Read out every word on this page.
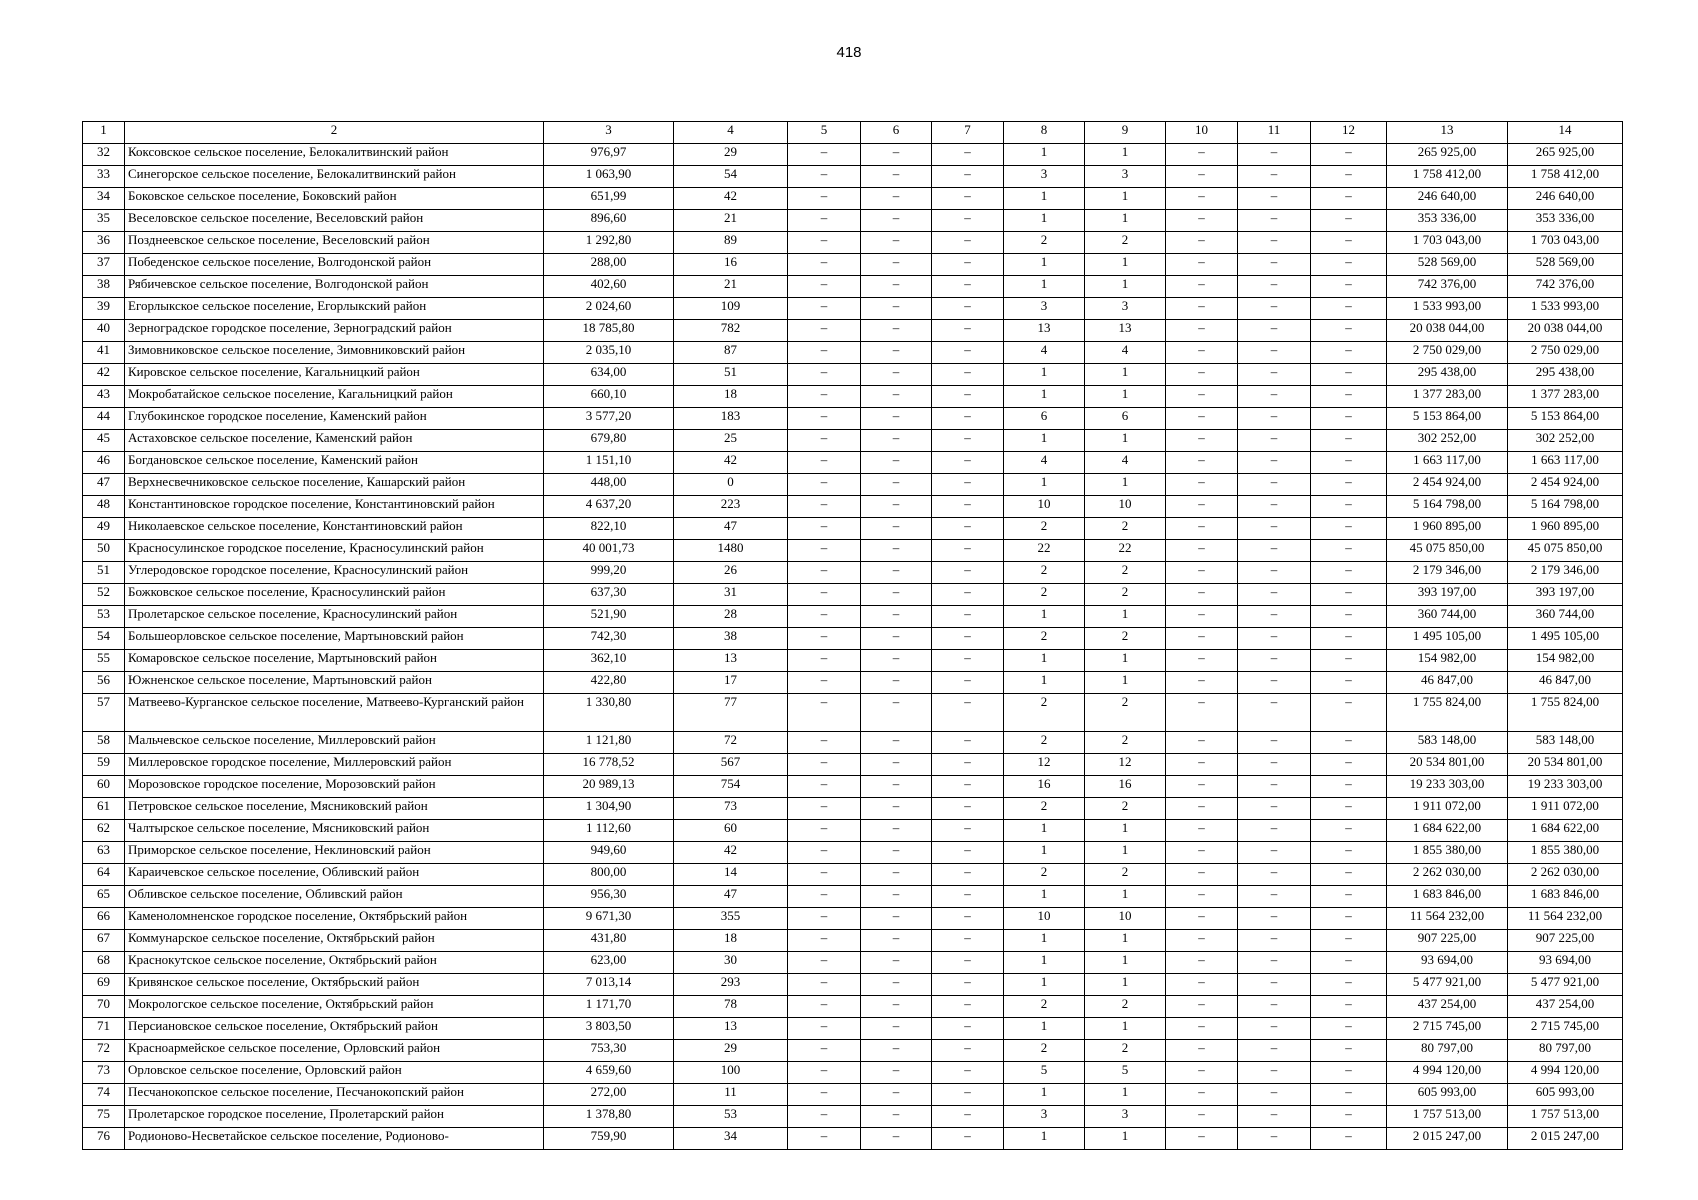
418
1	2	3	4	5	6	7	8	9	10	11	12	13	14
32	Коксовское сельское поселение, Белокалитвинский район	976,97	29	–	–	–	1	1	–	–	–	265 925,00	265 925,00
33	Синегорское сельское поселение, Белокалитвинский район	1 063,90	54	–	–	–	3	3	–	–	–	1 758 412,00	1 758 412,00
34	Боковское сельское поселение, Боковский район	651,99	42	–	–	–	1	1	–	–	–	246 640,00	246 640,00
35	Веселовское сельское поселение, Веселовский район	896,60	21	–	–	–	1	1	–	–	–	353 336,00	353 336,00
36	Позднеевское сельское поселение, Веселовский район	1 292,80	89	–	–	–	2	2	–	–	–	1 703 043,00	1 703 043,00
37	Победенское сельское поселение, Волгодонской район	288,00	16	–	–	–	1	1	–	–	–	528 569,00	528 569,00
38	Рябичевское сельское поселение, Волгодонской район	402,60	21	–	–	–	1	1	–	–	–	742 376,00	742 376,00
39	Егорлыкское сельское поселение, Егорлыкский район	2 024,60	109	–	–	–	3	3	–	–	–	1 533 993,00	1 533 993,00
40	Зерноградское городское поселение, Зерноградский район	18 785,80	782	–	–	–	13	13	–	–	–	20 038 044,00	20 038 044,00
41	Зимовниковское сельское поселение, Зимовниковский район	2 035,10	87	–	–	–	4	4	–	–	–	2 750 029,00	2 750 029,00
42	Кировское сельское поселение, Кагальницкий район	634,00	51	–	–	–	1	1	–	–	–	295 438,00	295 438,00
43	Мокробатайское сельское поселение, Кагальницкий район	660,10	18	–	–	–	1	1	–	–	–	1 377 283,00	1 377 283,00
44	Глубокинское городское поселение, Каменский район	3 577,20	183	–	–	–	6	6	–	–	–	5 153 864,00	5 153 864,00
45	Астаховское сельское поселение, Каменский район	679,80	25	–	–	–	1	1	–	–	–	302 252,00	302 252,00
46	Богдановское сельское поселение, Каменский район	1 151,10	42	–	–	–	4	4	–	–	–	1 663 117,00	1 663 117,00
47	Верхнесвечниковское сельское поселение, Кашарский район	448,00	0	–	–	–	1	1	–	–	–	2 454 924,00	2 454 924,00
48	Константиновское городское поселение, Константиновский район	4 637,20	223	–	–	–	10	10	–	–	–	5 164 798,00	5 164 798,00
49	Николаевское сельское поселение, Константиновский район	822,10	47	–	–	–	2	2	–	–	–	1 960 895,00	1 960 895,00
50	Красносулинское городское поселение, Красносулинский район	40 001,73	1480	–	–	–	22	22	–	–	–	45 075 850,00	45 075 850,00
51	Углеродовское городское поселение, Красносулинский район	999,20	26	–	–	–	2	2	–	–	–	2 179 346,00	2 179 346,00
52	Божковское сельское поселение, Красносулинский район	637,30	31	–	–	–	2	2	–	–	–	393 197,00	393 197,00
53	Пролетарское сельское поселение, Красносулинский район	521,90	28	–	–	–	1	1	–	–	–	360 744,00	360 744,00
54	Большеорловское сельское поселение, Мартыновский район	742,30	38	–	–	–	2	2	–	–	–	1 495 105,00	1 495 105,00
55	Комаровское сельское поселение, Мартыновский район	362,10	13	–	–	–	1	1	–	–	–	154 982,00	154 982,00
56	Южненское сельское поселение, Мартыновский район	422,80	17	–	–	–	1	1	–	–	–	46 847,00	46 847,00
57	Матвеево-Курганское сельское поселение, Матвеево-Курганский район	1 330,80	77	–	–	–	2	2	–	–	–	1 755 824,00	1 755 824,00
58	Мальчевское сельское поселение, Миллеровский район	1 121,80	72	–	–	–	2	2	–	–	–	583 148,00	583 148,00
59	Миллеровское городское поселение, Миллеровский район	16 778,52	567	–	–	–	12	12	–	–	–	20 534 801,00	20 534 801,00
60	Морозовское городское поселение, Морозовский район	20 989,13	754	–	–	–	16	16	–	–	–	19 233 303,00	19 233 303,00
61	Петровское сельское поселение, Мясниковский район	1 304,90	73	–	–	–	2	2	–	–	–	1 911 072,00	1 911 072,00
62	Чалтырское сельское поселение, Мясниковский район	1 112,60	60	–	–	–	1	1	–	–	–	1 684 622,00	1 684 622,00
63	Приморское сельское поселение, Неклиновский район	949,60	42	–	–	–	1	1	–	–	–	1 855 380,00	1 855 380,00
64	Караичевское сельское поселение, Обливский район	800,00	14	–	–	–	2	2	–	–	–	2 262 030,00	2 262 030,00
65	Обливское сельское поселение, Обливский район	956,30	47	–	–	–	1	1	–	–	–	1 683 846,00	1 683 846,00
66	Каменоломненское городское поселение, Октябрьский район	9 671,30	355	–	–	–	10	10	–	–	–	11 564 232,00	11 564 232,00
67	Коммунарское сельское поселение, Октябрьский район	431,80	18	–	–	–	1	1	–	–	–	907 225,00	907 225,00
68	Краснокутское сельское поселение, Октябрьский район	623,00	30	–	–	–	1	1	–	–	–	93 694,00	93 694,00
69	Кривянское сельское поселение, Октябрьский район	7 013,14	293	–	–	–	1	1	–	–	–	5 477 921,00	5 477 921,00
70	Мокрологское сельское поселение, Октябрьский район	1 171,70	78	–	–	–	2	2	–	–	–	437 254,00	437 254,00
71	Персиановское сельское поселение, Октябрьский район	3 803,50	13	–	–	–	1	1	–	–	–	2 715 745,00	2 715 745,00
72	Красноармейское сельское поселение, Орловский район	753,30	29	–	–	–	2	2	–	–	–	80 797,00	80 797,00
73	Орловское сельское поселение, Орловский район	4 659,60	100	–	–	–	5	5	–	–	–	4 994 120,00	4 994 120,00
74	Песчанокопское сельское поселение, Песчанокопский район	272,00	11	–	–	–	1	1	–	–	–	605 993,00	605 993,00
75	Пролетарское городское поселение, Пролетарский район	1 378,80	53	–	–	–	3	3	–	–	–	1 757 513,00	1 757 513,00
76	Родионово-Несветайское сельское поселение, Родионово-	759,90	34	–	–	–	1	1	–	–	–	2 015 247,00	2 015 247,00
